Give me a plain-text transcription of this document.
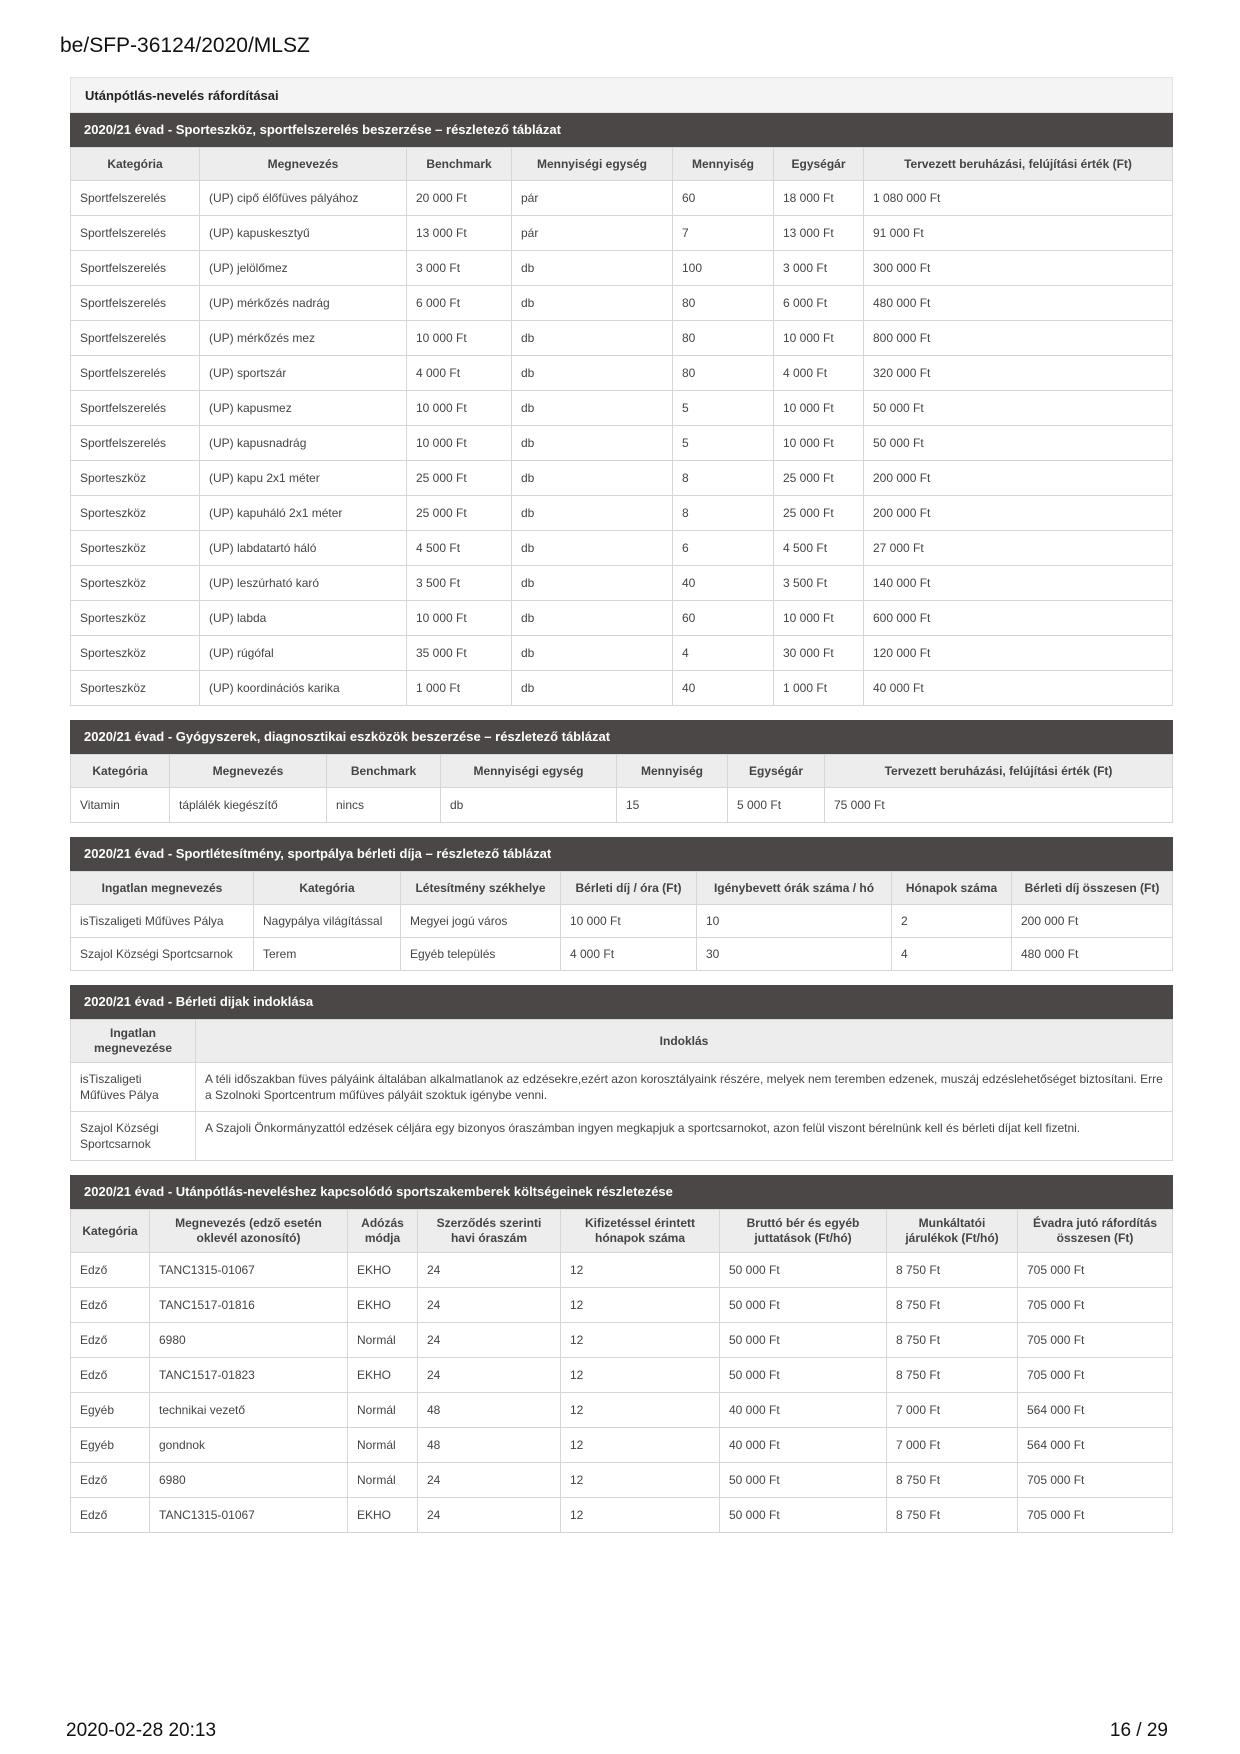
be/SFP-36124/2020/MLSZ
Utánpótlás-nevelés ráfordításai
2020/21 évad - Sporteszköz, sportfelszerelés beszerzése – részletező táblázat
Kategória	Megnevezés	Benchmark	Mennyiségi egység	Mennyiség	Egységár	Tervezett beruházási, felújítási érték (Ft)
Sportfelszerelés	(UP) cipő élőfüves pályához	20 000 Ft	pár	60	18 000 Ft	1 080 000 Ft
Sportfelszerelés	(UP) kapuskesztyű	13 000 Ft	pár	7	13 000 Ft	91 000 Ft
Sportfelszerelés	(UP) jelölőmez	3 000 Ft	db	100	3 000 Ft	300 000 Ft
Sportfelszerelés	(UP) mérkőzés nadrág	6 000 Ft	db	80	6 000 Ft	480 000 Ft
Sportfelszerelés	(UP) mérkőzés mez	10 000 Ft	db	80	10 000 Ft	800 000 Ft
Sportfelszerelés	(UP) sportszár	4 000 Ft	db	80	4 000 Ft	320 000 Ft
Sportfelszerelés	(UP) kapusmez	10 000 Ft	db	5	10 000 Ft	50 000 Ft
Sportfelszerelés	(UP) kapusnadrág	10 000 Ft	db	5	10 000 Ft	50 000 Ft
Sporteszköz	(UP) kapu 2x1 méter	25 000 Ft	db	8	25 000 Ft	200 000 Ft
Sporteszköz	(UP) kapuháló 2x1 méter	25 000 Ft	db	8	25 000 Ft	200 000 Ft
Sporteszköz	(UP) labdatartó háló	4 500 Ft	db	6	4 500 Ft	27 000 Ft
Sporteszköz	(UP) leszúrható karó	3 500 Ft	db	40	3 500 Ft	140 000 Ft
Sporteszköz	(UP) labda	10 000 Ft	db	60	10 000 Ft	600 000 Ft
Sporteszköz	(UP) rúgófal	35 000 Ft	db	4	30 000 Ft	120 000 Ft
Sporteszköz	(UP) koordinációs karika	1 000 Ft	db	40	1 000 Ft	40 000 Ft
2020/21 évad - Gyógyszerek, diagnosztikai eszközök beszerzése – részletező táblázat
Kategória	Megnevezés	Benchmark	Mennyiségi egység	Mennyiség	Egységár	Tervezett beruházási, felújítási érték (Ft)
Vitamin	táplálék kiegészítő	nincs	db	15	5 000 Ft	75 000 Ft
2020/21 évad - Sportlétesítmény, sportpálya bérleti díja – részletező táblázat
Ingatlan megnevezés	Kategória	Létesítmény székhelye	Bérleti díj / óra (Ft)	Igénybevett órák száma / hó	Hónapok száma	Bérleti díj összesen (Ft)
isTiszaligeti Műfüves Pálya	Nagypálya világítással	Megyei jogú város	10 000 Ft	10	2	200 000 Ft
Szajol Községi Sportcsarnok	Terem	Egyéb település	4 000 Ft	30	4	480 000 Ft
2020/21 évad - Bérleti dijak indoklása
Ingatlan megnevezése	Indoklás
isTiszaligeti Műfüves Pálya	A téli időszakban füves pályáink általában alkalmatlanok az edzésekre,ezért azon korosztályaink részére, melyek nem teremben edzenek, muszáj edzéslehetőséget biztosítani. Erre a Szolnoki Sportcentrum műfüves pályáit szoktuk igénybe venni.
Szajol Községi Sportcsarnok	A Szajoli Önkormányzattól edzések céljára egy bizonyos óraszámban ingyen megkapjuk a sportcsarnokot, azon felül viszont bérelnünk kell és bérleti díjat kell fizetni.
2020/21 évad - Utánpótlás-neveléshez kapcsolódó sportszakemberek költségeinek részletezése
Kategória	Megnevezés (edző esetén oklevél azonosító)	Adózás módja	Szerződés szerinti havi óraszám	Kifizetéssel érintett hónapok száma	Bruttó bér és egyéb juttatások (Ft/hó)	Munkáltatói járulékok (Ft/hó)	Évadra jutó ráfordítás összesen (Ft)
Edző	TANC1315-01067	EKHO	24	12	50 000 Ft	8 750 Ft	705 000 Ft
Edző	TANC1517-01816	EKHO	24	12	50 000 Ft	8 750 Ft	705 000 Ft
Edző	6980	Normál	24	12	50 000 Ft	8 750 Ft	705 000 Ft
Edző	TANC1517-01823	EKHO	24	12	50 000 Ft	8 750 Ft	705 000 Ft
Egyéb	technikai vezető	Normál	48	12	40 000 Ft	7 000 Ft	564 000 Ft
Egyéb	gondnok	Normál	48	12	40 000 Ft	7 000 Ft	564 000 Ft
Edző	6980	Normál	24	12	50 000 Ft	8 750 Ft	705 000 Ft
Edző	TANC1315-01067	EKHO	24	12	50 000 Ft	8 750 Ft	705 000 Ft
2020-02-28 20:13	16 / 29
